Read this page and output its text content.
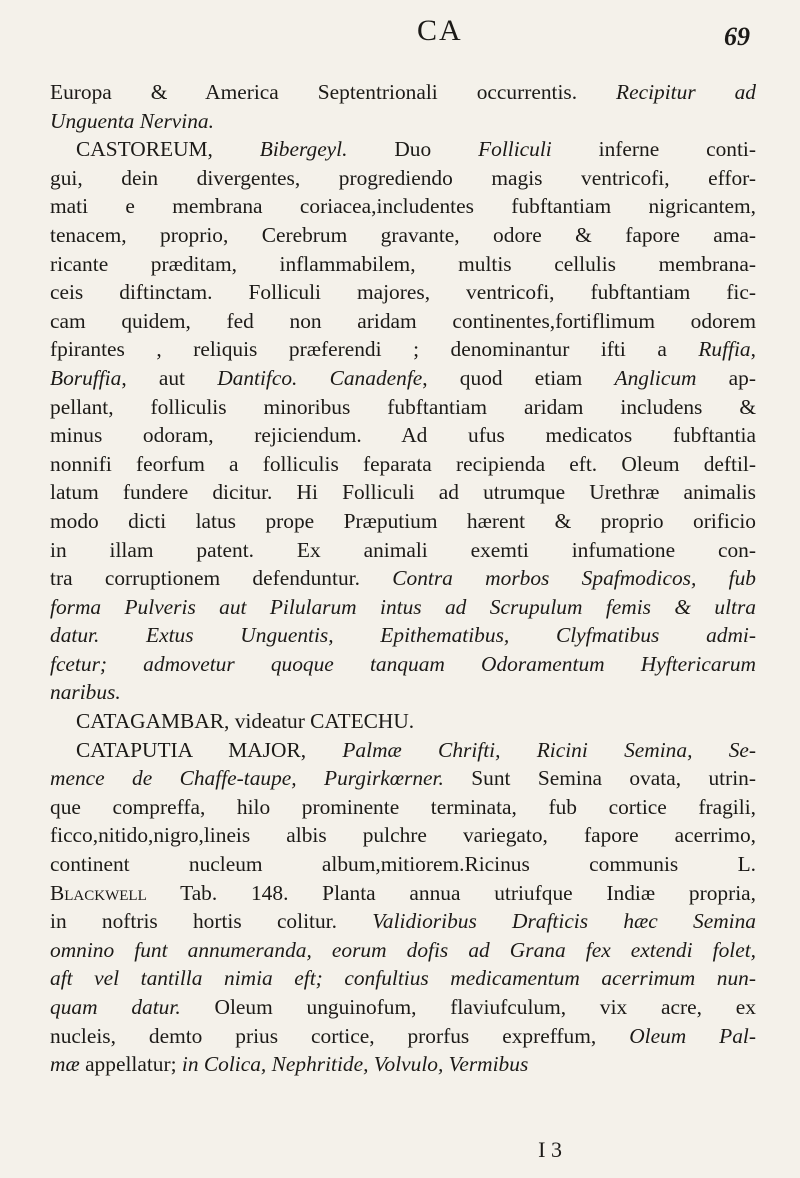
CA	69
Europa & America Septentrionali occurrentis. Recipitur ad
Unguenta Nervina.
CASTOREUM, Bibergeyl. Duo Folliculi inferne conti-
gui, dein divergentes, progrediendo magis ventricofi, effor-
mati e membrana coriacea,includentes fubftantiam nigricantem,
tenacem, proprio, Cerebrum gravante, odore & fapore ama-
ricante præditam, inflammabilem, multis cellulis membrana-
ceis diftinctam. Folliculi majores, ventricofi, fubftantiam fic-
cam quidem, fed non aridam continentes,fortiflimum odorem
fpirantes , reliquis præferendi ; denominantur ifti a Ruffia,
Boruffia, aut Dantifco. Canadenfe, quod etiam Anglicum ap-
pellant, folliculis minoribus fubftantiam aridam includens &
minus odoram, rejiciendum. Ad ufus medicatos fubftantia
nonnifi feorfum a folliculis feparata recipienda eft. Oleum deftil-
latum fundere dicitur. Hi Folliculi ad utrumque Urethræ animalis
modo dicti latus prope Præputium hærent & proprio orificio
in illam patent. Ex animali exemti infumatione con-
tra corruptionem defenduntur. Contra morbos Spafmodicos, fub
forma Pulveris aut Pilularum intus ad Scrupulum femis & ultra
datur. Extus Unguentis, Epithematibus, Clyfmatibus admi-
fcetur; admovetur quoque tanquam Odoramentum Hyftericarum
naribus.
CATAGAMBAR, videatur CATECHU.
CATAPUTIA MAJOR, Palmæ Chrifti, Ricini Semina, Se-
mence de Chaffe-taupe, Purgirkœrner. Sunt Semina ovata, utrin-
que compreffa, hilo prominente terminata, fub cortice fragili,
ficco,nitido,nigro,lineis albis pulchre variegato, fapore acerrimo,
continent nucleum album,mitiorem.Ricinus communis L.
Blackwell Tab. 148. Planta annua utriufque Indiæ propria,
in noftris hortis colitur. Validioribus Drafticis hæc Semina
omnino funt annumeranda, eorum dofis ad Grana fex extendi folet,
aft vel tantilla nimia eft; confultius medicamentum acerrimum nun-
quam datur. Oleum unguinofum, flaviufculum, vix acre, ex
nucleis, demto prius cortice, prorfus expreffum, Oleum Pal-
mæ appellatur; in Colica, Nephritide, Volvulo, Vermibus
I 3
